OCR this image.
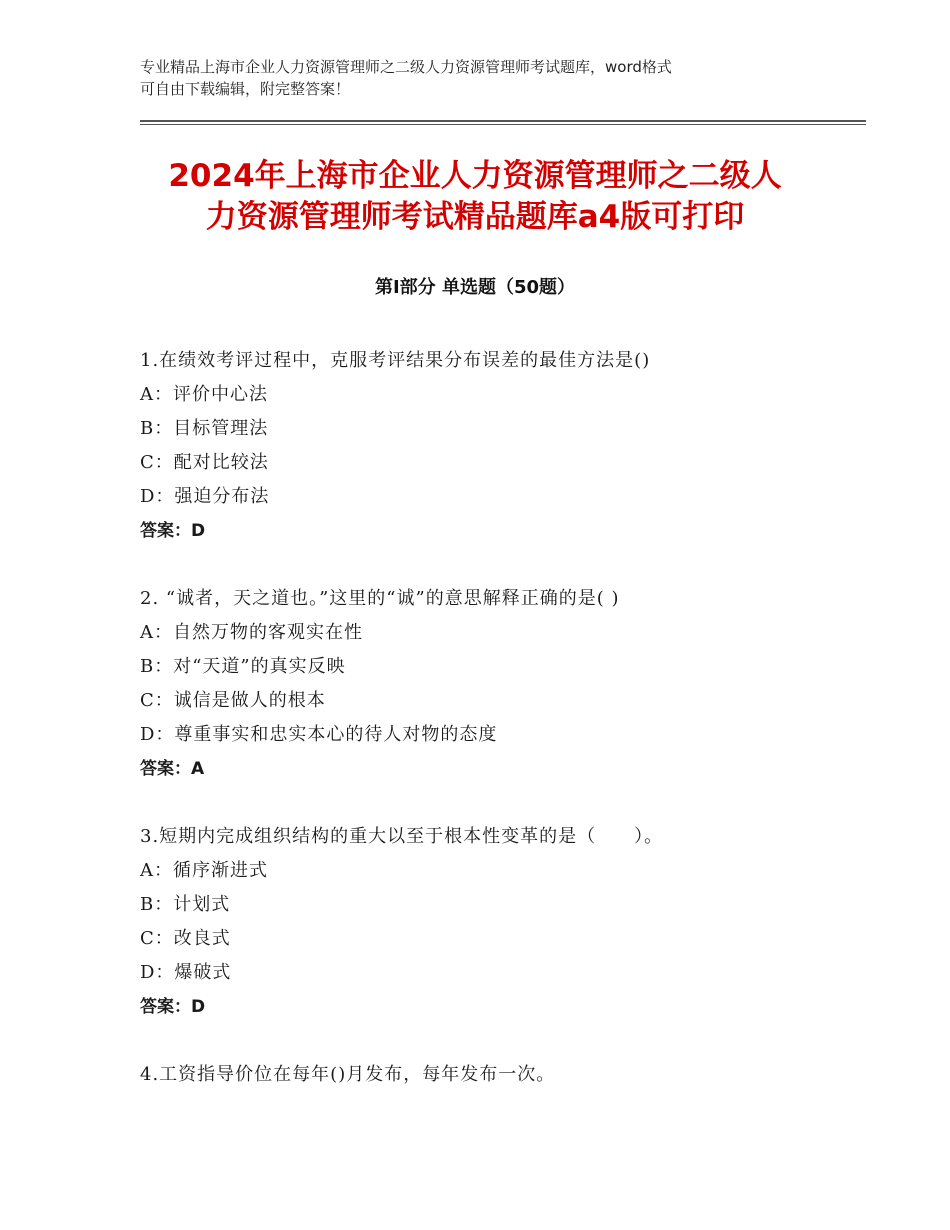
专业精品上海市企业人力资源管理师之二级人力资源管理师考试题库，word格式
可自由下载编辑，附完整答案！
2024年上海市企业人力资源管理师之二级人
力资源管理师考试精品题库a4版可打印
第Ⅰ部分 单选题（50题）
1.在绩效考评过程中，克服考评结果分布误差的最佳方法是()
A：评价中心法
B：目标管理法
C：配对比较法
D：强迫分布法
答案：D
2. “诚者，天之道也。”这里的“诚”的意思解释正确的是( )
A：自然万物的客观实在性
B：对“天道”的真实反映
C：诚信是做人的根本
D：尊重事实和忠实本心的待人对物的态度
答案：A
3.短期内完成组织结构的重大以至于根本性变革的是（　　）。
A：循序渐进式
B：计划式
C：改良式
D：爆破式
答案：D
4.工资指导价位在每年()月发布，每年发布一次。
